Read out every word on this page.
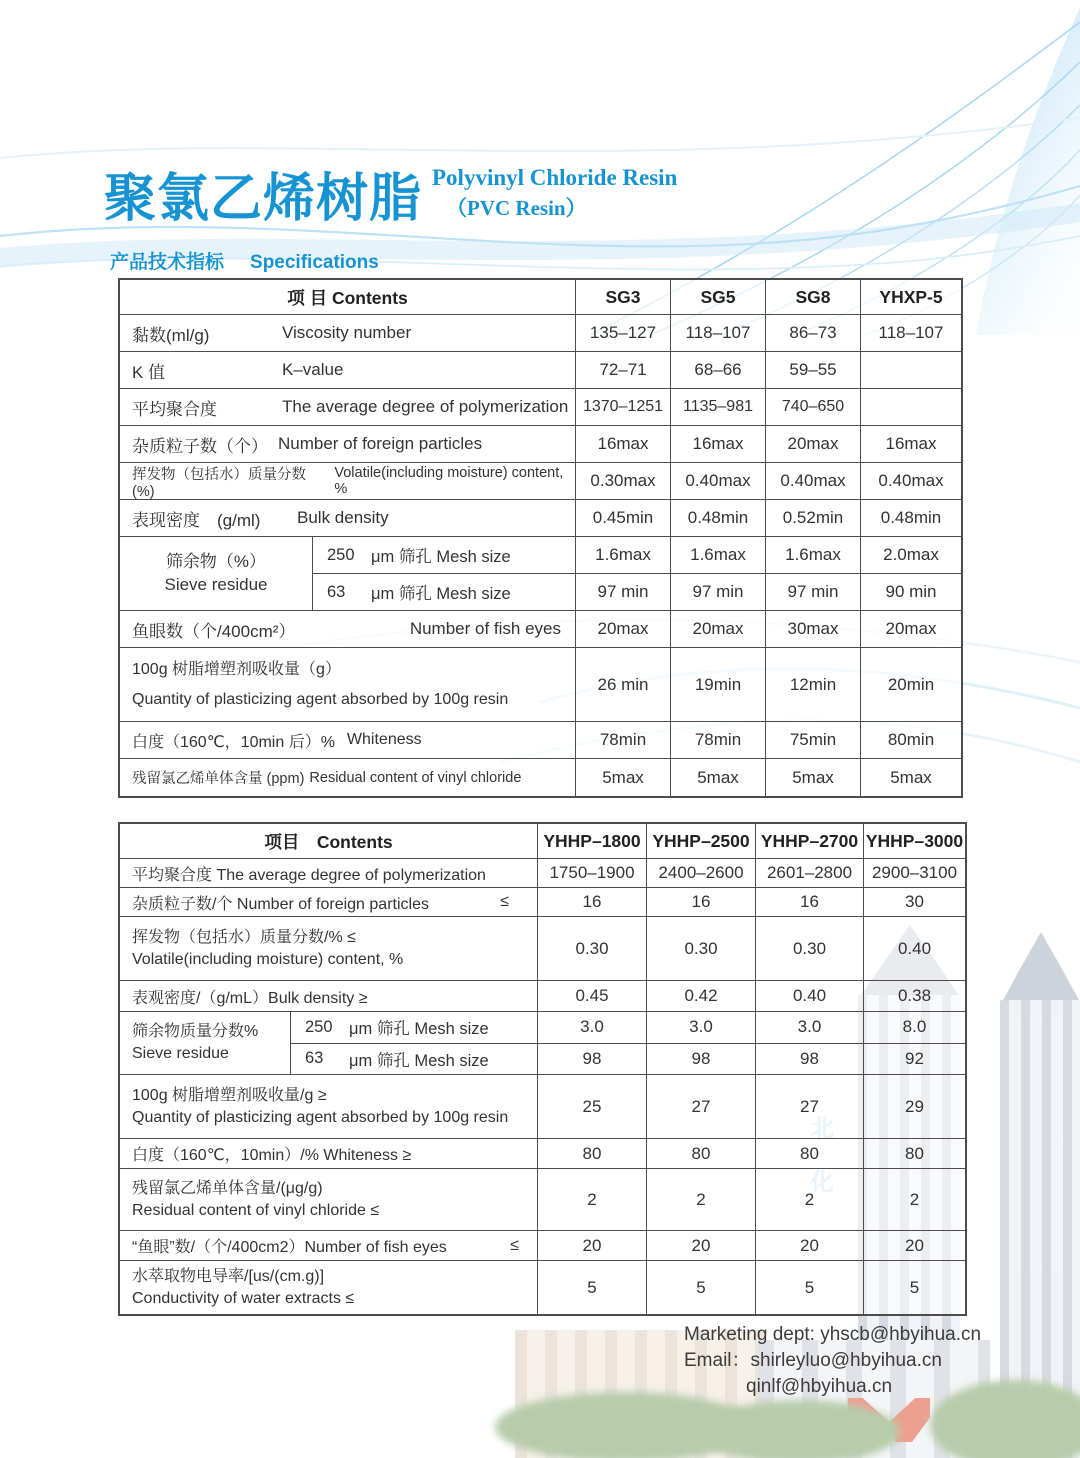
聚氯乙烯树脂 Polyvinyl Chloride Resin
（PVC Resin）
产品技术指标 Specifications
项 目 Contents	SG3	SG5	SG8	YHXP-5
黏数(ml/g)	Viscosity number	135–127	118–107	86–73	118–107
K 值	K–value	72–71	68–66	59–55
平均聚合度	The average degree of polymerization 1370–1251	1135–981	740–650
杂质粒子数（个） Number of foreign particles	16max	16max	20max	16max
挥发物（包括水）质量分数 (%)
Volatile(including moisture) content, %	0.30max	0.40max	0.40max	0.40max
表现密度　(g/ml)	Bulk density	0.45min	0.48min	0.52min	0.48min
筛余物（%）
Sieve residue
250 μm 筛孔 Mesh size	1.6max	1.6max	1.6max	2.0max
63	μm 筛孔 Mesh size	97 min	97 min	97 min	90 min
鱼眼数（个/400cm²）	Number of fish eyes	20max	20max	30max	20max
100g 树脂增塑剂吸收量（g）
Quantity of plasticizing agent absorbed by 100g resin
26 min	19min	12min	20min
白度（160℃，10min 后）% Whiteness	78min	78min	75min	80min
残留氯乙烯单体含量 (ppm) Residual content of vinyl chloride	5max	5max	5max	5max
项目　Contents	YHHP–1800 YHHP–2500 YHHP–2700 YHHP–3000
平均聚合度 The average degree of polymerization	1750–1900	2400–2600	2601–2800	2900–3100
杂质粒子数/个 Number of foreign particles	≤	16	16	16	30
挥发物（包括水）质量分数/% ≤
Volatile(including moisture) content, %
0.30	0.30	0.30	0.40
表观密度/（g/mL）Bulk density ≥	0.45	0.42	0.40	0.38
筛余物质量分数%
Sieve residue
250 μm 筛孔 Mesh size	3.0	3.0	3.0	8.0
63	μm 筛孔 Mesh size	98	98	98	92
100g 树脂增塑剂吸收量/g ≥
Quantity of plasticizing agent absorbed by 100g resin
25	27	27	29
白度（160℃，10min）/% Whiteness ≥	80	80	80	80
残留氯乙烯单体含量/(μg/g)
Residual content of vinyl chloride ≤
2	2	2	2
“鱼眼”数/（个/400cm2）Number of fish eyes	≤	20	20	20	20
水萃取物电导率/[us/(cm.g)]
Conductivity of water extracts ≤
5	5	5	5
Marketing dept: yhscb@hbyihua.cn
Email：shirleyluo@hbyihua.cn
qinlf@hbyihua.cn
